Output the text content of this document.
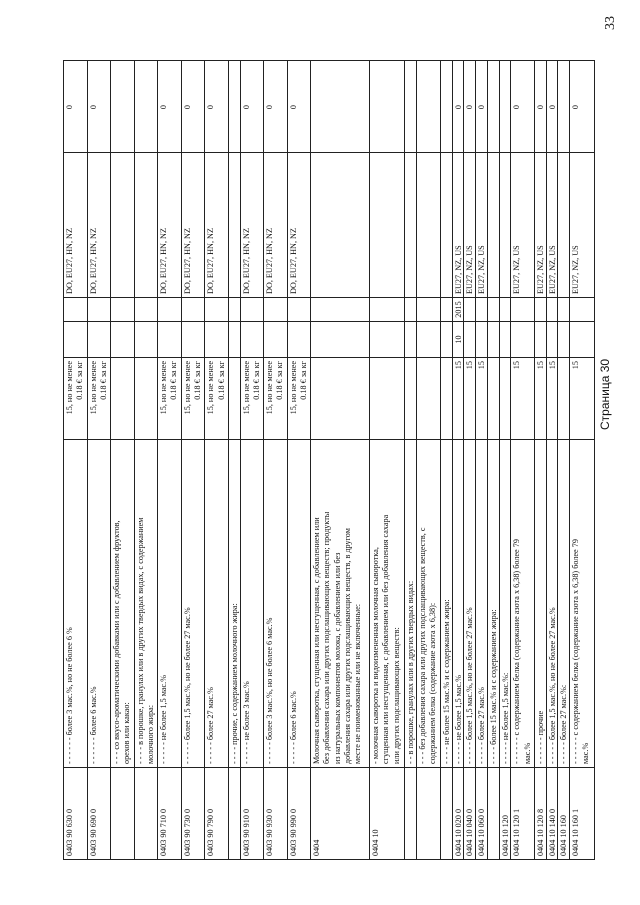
33
0403 90 630 0
- - - - - - более 3 мас.%, но не более 6 %
15, но не менее 0.18 € за кг
DO, EU27, HN, NZ
0
0403 90 690 0
- - - - - - более 6 мас.%
15, но не менее 0.18 € за кг
DO, EU27, HN, NZ
0
- - - со вкусо-ароматическими добавками или с добавлением фруктов, орехов или какао: - - - - в порошке, гранулах или в других твердых видах, с содержанием молочного жира:
0403 90 710 0
- - - - - не более 1,5 мас.%
15, но не менее 0.18 € за кг
DO, EU27, HN, NZ
0
0403 90 730 0
- - - - - более 1,5 мас.%, но не более 27 мас.%
15, но не менее 0.18 € за кг
DO, EU27, HN, NZ
0
0403 90 790 0
- - - - - более 27 мас.%
15, но не менее 0.18 € за кг
DO, EU27, HN, NZ
0
- - - - прочие, с содержанием молочного жира:
0403 90 910 0
- - - - - не более 3 мас.%
15, но не менее 0.18 € за кг
DO, EU27, HN, NZ
0
0403 90 930 0
- - - - - более 3 мас.%, но не более 6 мас.%
15, но не менее 0.18 € за кг
DO, EU27, HN, NZ
0
0403 90 990 0
- - - - - более 6 мас.%
15, но не менее 0.18 € за кг
DO, EU27, HN, NZ
0
0404
Молочная сыворотка, сгущенная или несгущенная, с добавлением или без добавления сахара или других подслащивающих веществ; продукты из натуральных компонентов молока, с добавлением или без добавления сахара или других подслащивающих веществ, в другом месте не поименованные или не включенные:
0404 10
- молочная сыворотка и видоизмененная молочная сыворотка, сгущенная или несгущенная, с добавлением или без добавления сахара или других подслащивающих веществ: - - в порошке, гранулах или в других твердых видах: - - - без добавления сахара или других подслащивающих веществ, с содержанием белка (содержание азота х 6,38): - - - - не более 15 мас.% и с содержанием жира:
0404 10 020 0
- - - - - не более 1,5 мас.%
15
10
2015
EU27, NZ, US
0
0404 10 040 0
- - - - - более 1,5 мас.%, но не более 27 мас.%
15
EU27, NZ, US
0
0404 10 060 0
- - - - - более 27 мас.%
15
EU27, NZ, US
0
- - - - более 15 мас.% и с содержанием жира:
0404 10 120
- - - - - не более 1,5 мас.%:
0404 10 120 1
- - - - - - с содержанием белка (содержание азота х 6,38) более 79 мас.%
15
EU27, NZ, US
0
0404 10 120 8
- - - - - - прочие
15
EU27, NZ, US
0
0404 10 140 0
- - - - - более 1,5 мас.%, но не более 27 мас.%
15
EU27, NZ, US
0
0404 10 160
- - - - - более 27 мас.%:
0404 10 160 1
- - - - - - с содержанием белка (содержание азота х 6,38) более 79 мас.%
15
EU27, NZ, US
0
Страница 30
